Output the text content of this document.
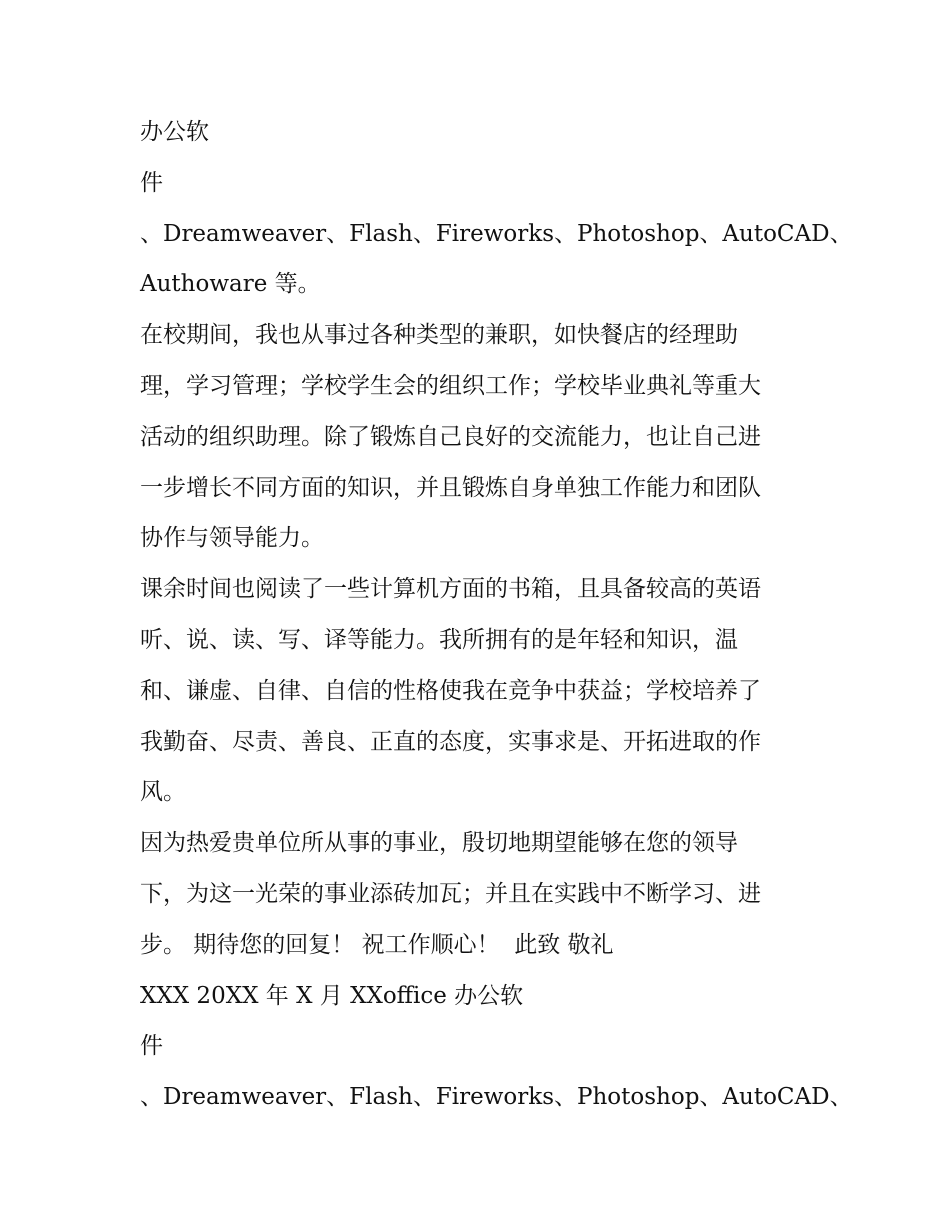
办公软
件
、Dreamweaver、Flash、Fireworks、Photoshop、AutoCAD、
Authoware 等。
在校期间，我也从事过各种类型的兼职，如快餐店的经理助
理，学习管理；学校学生会的组织工作；学校毕业典礼等重大
活动的组织助理。除了锻炼自己良好的交流能力，也让自己进
一步增长不同方面的知识，并且锻炼自身单独工作能力和团队
协作与领导能力。
课余时间也阅读了一些计算机方面的书箱，且具备较高的英语
听、说、读、写、译等能力。我所拥有的是年轻和知识，温
和、谦虚、自律、自信的性格使我在竞争中获益；学校培养了
我勤奋、尽责、善良、正直的态度，实事求是、开拓进取的作
风。
因为热爱贵单位所从事的事业，殷切地期望能够在您的领导
下，为这一光荣的事业添砖加瓦；并且在实践中不断学习、进
步。 期待您的回复！ 祝工作顺心！  此致 敬礼
XXX 20XX 年 X 月 XXoffice 办公软
件
、Dreamweaver、Flash、Fireworks、Photoshop、AutoCAD、
